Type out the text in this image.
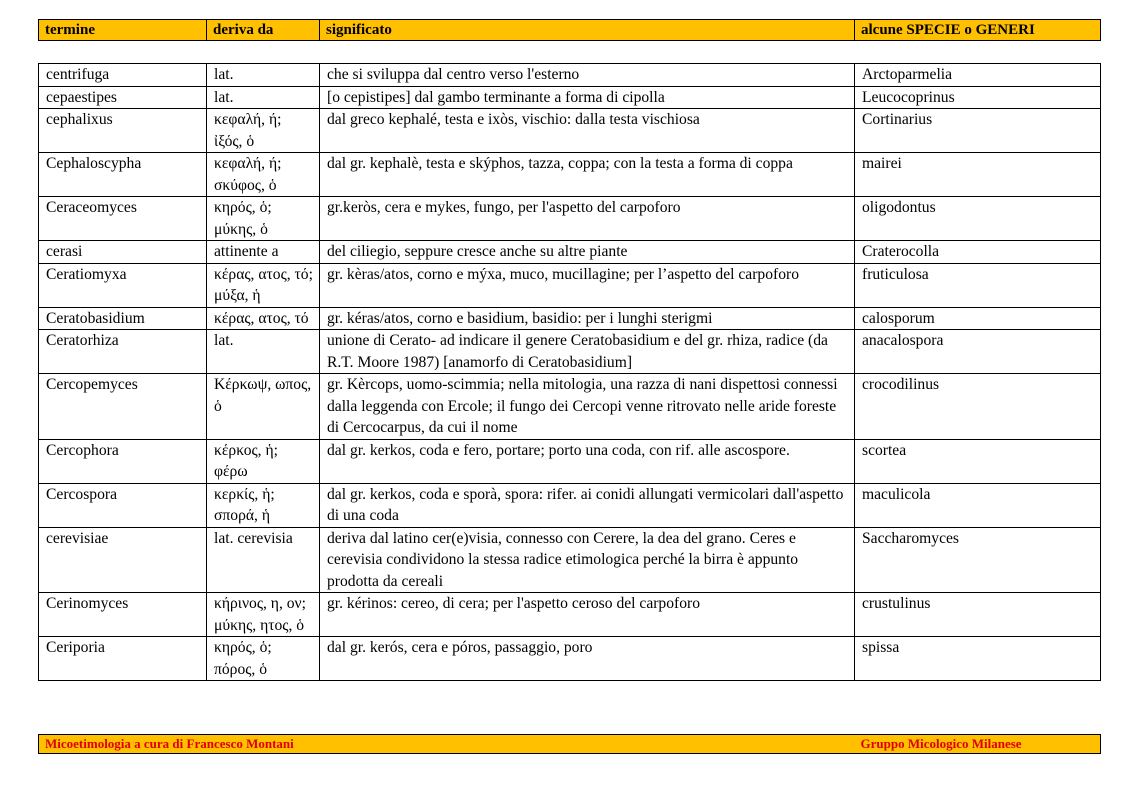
termine	deriva da	significato	alcune SPECIE o GENERI
centrifuga	lat.	che si sviluppa dal centro verso l'esterno	Arctoparmelia
cepaestipes	lat.	[o cepistipes] dal gambo terminante a forma di cipolla	Leucocoprinus
cephalixus	κεφαλή, ή; ἰξός, ὁ	dal greco kephalé, testa e ixòs, vischio: dalla testa vischiosa	Cortinarius
Cephaloscypha	κεφαλή, ή; σκύφος, ὁ	dal gr. kephalè, testa e skýphos, tazza, coppa; con la testa a forma di coppa	mairei
Ceraceomyces	κηρός, ὁ; μύκης, ὁ	gr.keròs, cera e mykes, fungo, per l'aspetto del carpoforo	oligodontus
cerasi	attinente a	del ciliegio, seppure cresce anche su altre piante	Craterocolla
Ceratiomyxa	κέρας, ατος, τό; μύξα, ἡ	gr. kèras/atos, corno e mýxa, muco, mucillagine; per l’aspetto del carpoforo	fruticulosa
Ceratobasidium	κέρας, ατος, τό	gr. kéras/atos, corno e basidium, basidio: per i lunghi sterigmi	calosporum
Ceratorhiza	lat.	unione di Cerato- ad indicare il genere Ceratobasidium e del gr. rhiza, radice (da R.T. Moore 1987) [anamorfo di Ceratobasidium]	anacalospora
Cercopemyces	Κέρκωψ, ωπος, ὁ	gr. Kèrcops, uomo-scimmia; nella mitologia, una razza di nani dispettosi connessi dalla leggenda con Ercole; il fungo dei Cercopi venne ritrovato nelle aride foreste di Cercocarpus, da cui il nome	crocodilinus
Cercophora	κέρκος, ἡ; φέρω	dal gr. kerkos, coda e fero, portare; porto una coda, con rif. alle ascospore.	scortea
Cercospora	κερκίς, ἡ; σπορά, ἡ	dal gr. kerkos, coda e sporà, spora: rifer. ai conidi allungati vermicolari dall'aspetto di una coda	maculicola
cerevisiae	lat. cerevisia	deriva dal latino cer(e)visia, connesso con Cerere, la dea del grano. Ceres e cerevisia condividono la stessa radice etimologica perché la birra è appunto prodotta da cereali	Saccharomyces
Cerinomyces	κήρινος, η, ον; μύκης, ητος, ὁ	gr. kérinos: cereo, di cera; per l'aspetto ceroso del carpoforo	crustulinus
Ceriporia	κηρός, ὁ; πόρος, ὁ	dal gr. kerós, cera e póros, passaggio, poro	spissa
Micoetimologia a cura di Francesco Montani	Gruppo Micologico Milanese
